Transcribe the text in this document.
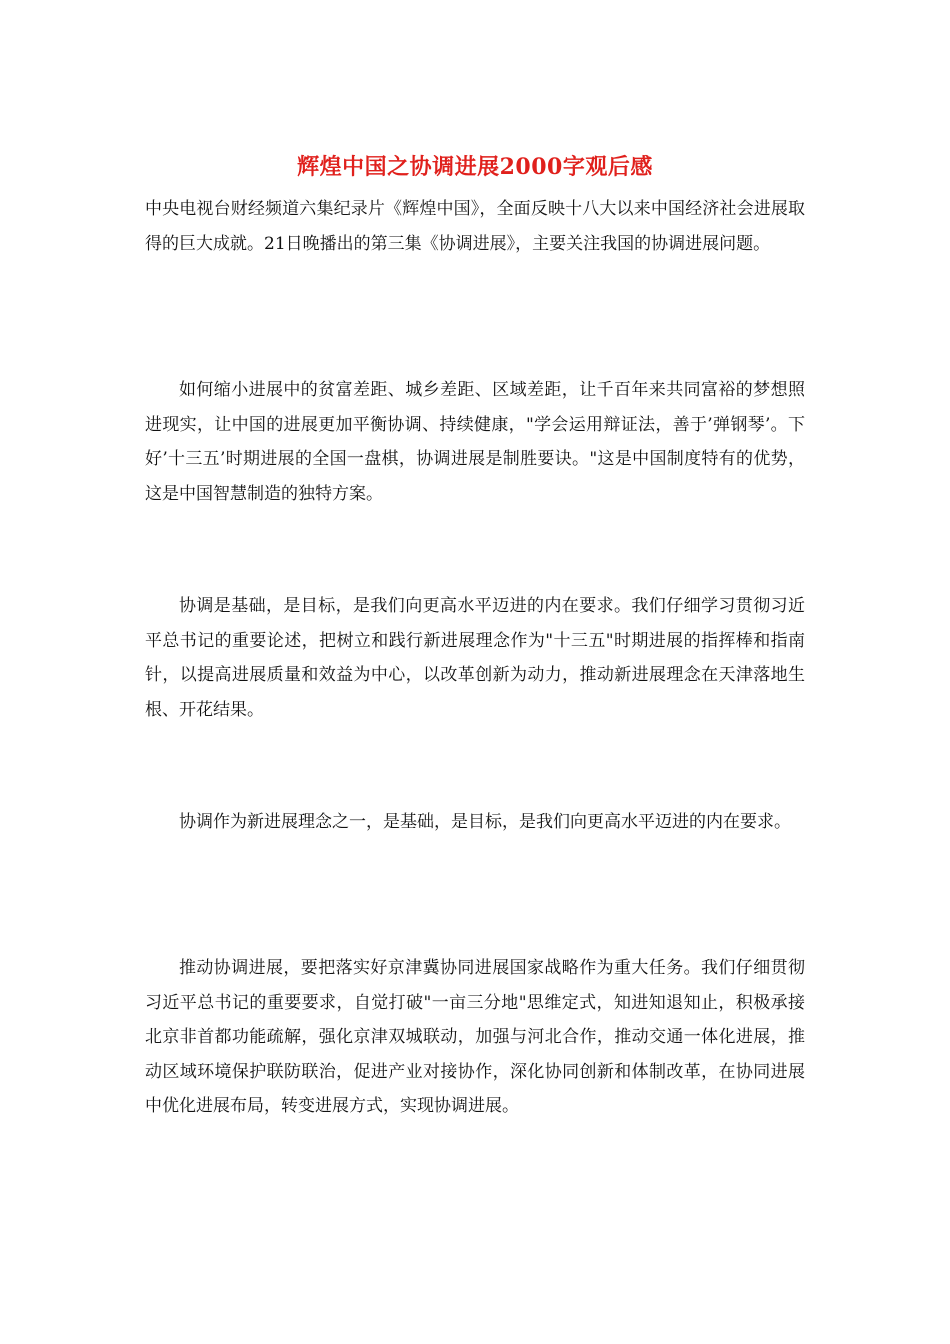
辉煌中国之协调进展2000字观后感

中央电视台财经频道六集纪录片《辉煌中国》，全面反映十八大以来中国经济社会进展取得的巨大成就。21日晚播出的第三集《协调进展》，主要关注我国的协调进展问题。

如何缩小进展中的贫富差距、城乡差距、区域差距，让千百年来共同富裕的梦想照进现实，让中国的进展更加平衡协调、持续健康，"学会运用辩证法，善于’弹钢琴’。下好’十三五’时期进展的全国一盘棋，协调进展是制胜要诀。"这是中国制度特有的优势，这是中国智慧制造的独特方案。

协调是基础，是目标，是我们向更高水平迈进的内在要求。我们仔细学习贯彻习近平总书记的重要论述，把树立和践行新进展理念作为"十三五"时期进展的指挥棒和指南针，以提高进展质量和效益为中心，以改革创新为动力，推动新进展理念在天津落地生根、开花结果。

协调作为新进展理念之一，是基础，是目标，是我们向更高水平迈进的内在要求。

推动协调进展，要把落实好京津冀协同进展国家战略作为重大任务。我们仔细贯彻习近平总书记的重要要求，自觉打破"一亩三分地"思维定式，知进知退知止，积极承接北京非首都功能疏解，强化京津双城联动，加强与河北合作，推动交通一体化进展，推动区域环境保护联防联治，促进产业对接协作，深化协同创新和体制改革，在协同进展中优化进展布局，转变进展方式，实现协调进展。
